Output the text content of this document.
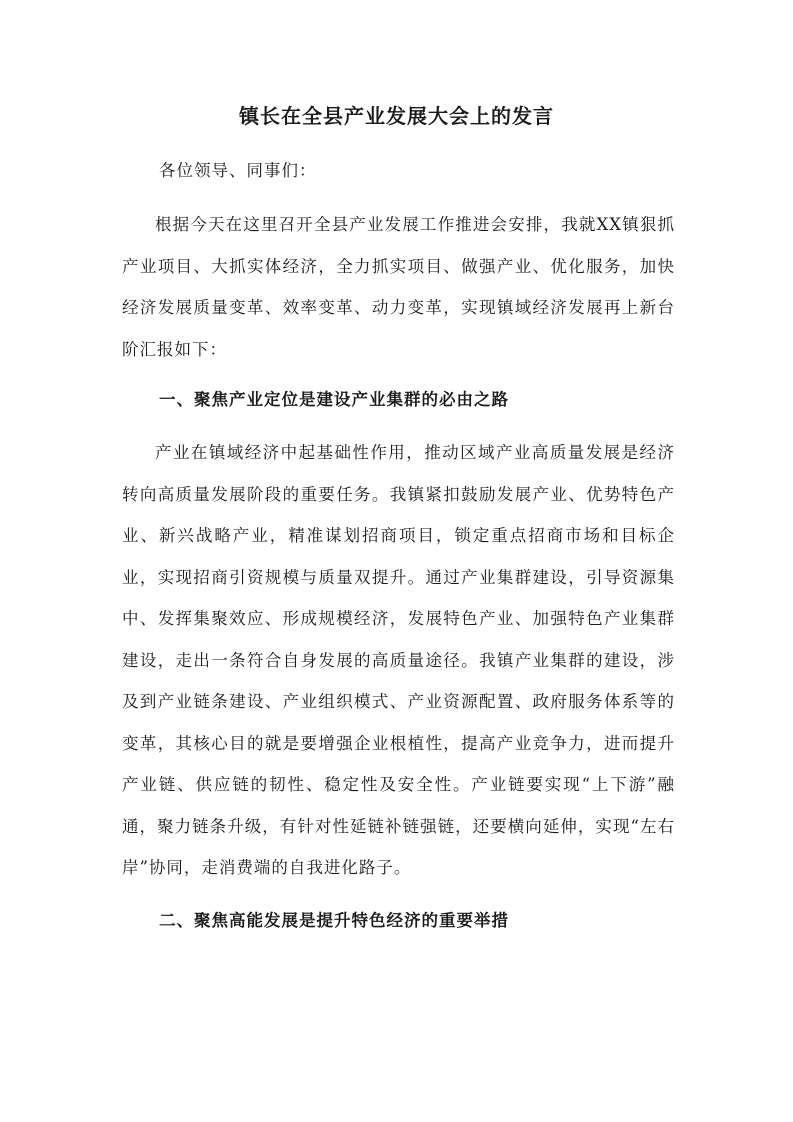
镇长在全县产业发展大会上的发言

各位领导、同事们：

根据今天在这里召开全县产业发展工作推进会安排，我就XX镇狠抓产业项目、大抓实体经济，全力抓实项目、做强产业、优化服务，加快经济发展质量变革、效率变革、动力变革，实现镇域经济发展再上新台阶汇报如下：

一、聚焦产业定位是建设产业集群的必由之路

产业在镇域经济中起基础性作用，推动区域产业高质量发展是经济转向高质量发展阶段的重要任务。我镇紧扣鼓励发展产业、优势特色产业、新兴战略产业，精准谋划招商项目，锁定重点招商市场和目标企业，实现招商引资规模与质量双提升。通过产业集群建设，引导资源集中、发挥集聚效应、形成规模经济，发展特色产业、加强特色产业集群建设，走出一条符合自身发展的高质量途径。我镇产业集群的建设，涉及到产业链条建设、产业组织模式、产业资源配置、政府服务体系等的变革，其核心目的就是要增强企业根植性，提高产业竞争力，进而提升产业链、供应链的韧性、稳定性及安全性。产业链要实现“上下游”融通，聚力链条升级，有针对性延链补链强链，还要横向延伸，实现“左右岸”协同，走消费端的自我进化路子。

二、聚焦高能发展是提升特色经济的重要举措
